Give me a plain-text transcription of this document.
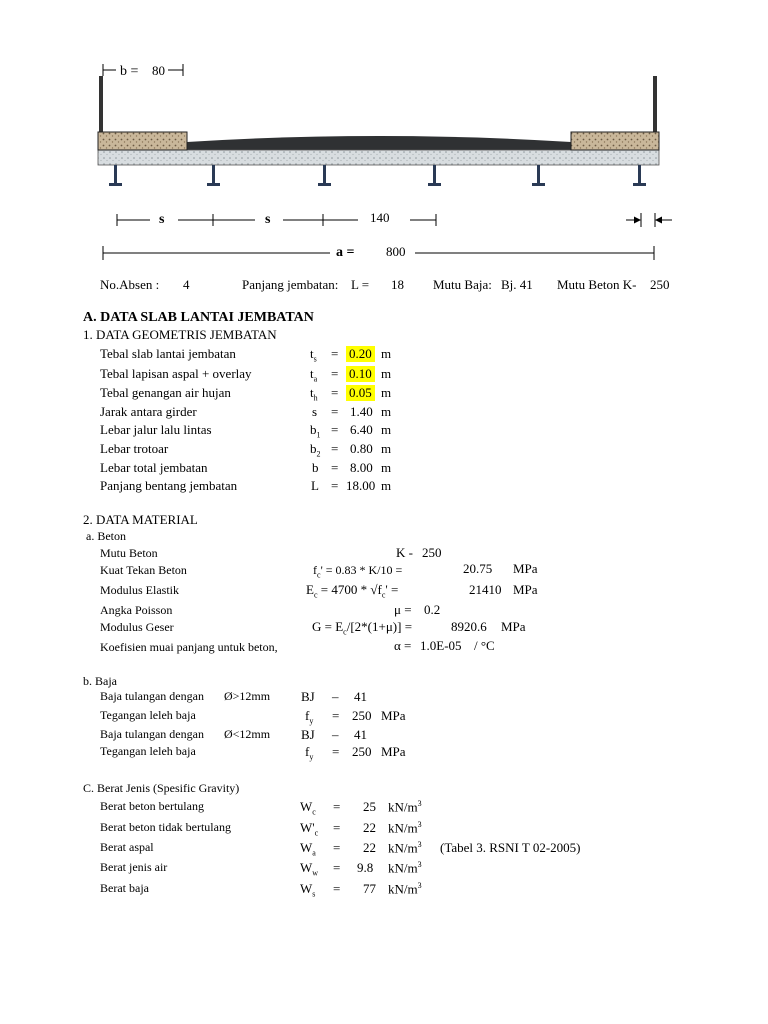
b = 80
s	s	140
a = 800
No.Absen : 4	Panjang jembatan: L = 18 Mutu Baja: Bj. 41 Mutu Beton K- 250
A. DATA SLAB LANTAI JEMBATAN
1. DATA GEOMETRIS JEMBATAN
Tebal slab lantai jembatan	$t_s = 0.20$ m
Tebal lapisan aspal + overlay	$t_a = 0.10$ m
Tebal genangan air hujan	$t_h = 0.05$ m
Jarak antara girder	s = 1.40 m
Lebar jalur lalu lintas	$b_1 = 6.40$ m
Lebar trotoar	$b_2 = 0.80$ m
Lebar total jembatan	b = 8.00 m
Panjang bentang jembatan	L = 18.00 m
2. DATA MATERIAL
a. Beton
Mutu Beton	K - 250
Kuat Tekan Beton	$f_c' = 0.83 * K/10$ =	20.75 MPa
Modulus Elastik	$E_c = 4700 * √f_c'$ =	21410 MPa
Angka Poisson	μ = 0.2
Modulus Geser	$G = E_c/[2*(1+\mu)]$ =	8920.6 MPa
Koefisien muai panjang untuk beton,	α = 1.0E-05 / °C
b. Baja
Baja tulangan dengan Ø>12mm BJ – 41
Tegangan leleh baja	$f_y = 250$ MPa
Baja tulangan dengan Ø<12mm BJ – 41
Tegangan leleh baja	$f_y = 250$ MPa
C. Berat Jenis (Spesific Gravity)
Berat beton bertulang	$W_c = 25$ $kN/m^3$
Berat beton tidak bertulang	$W'_c = 22$ $kN/m^3$
Berat aspal	$W_a = 22$ $kN/m^3$ (Tabel 3. RSNI T 02-2005)
Berat jenis air	$W_w = 9.8$ $kN/m^3$
Berat baja	$W_s = 77$ $kN/m^3$
